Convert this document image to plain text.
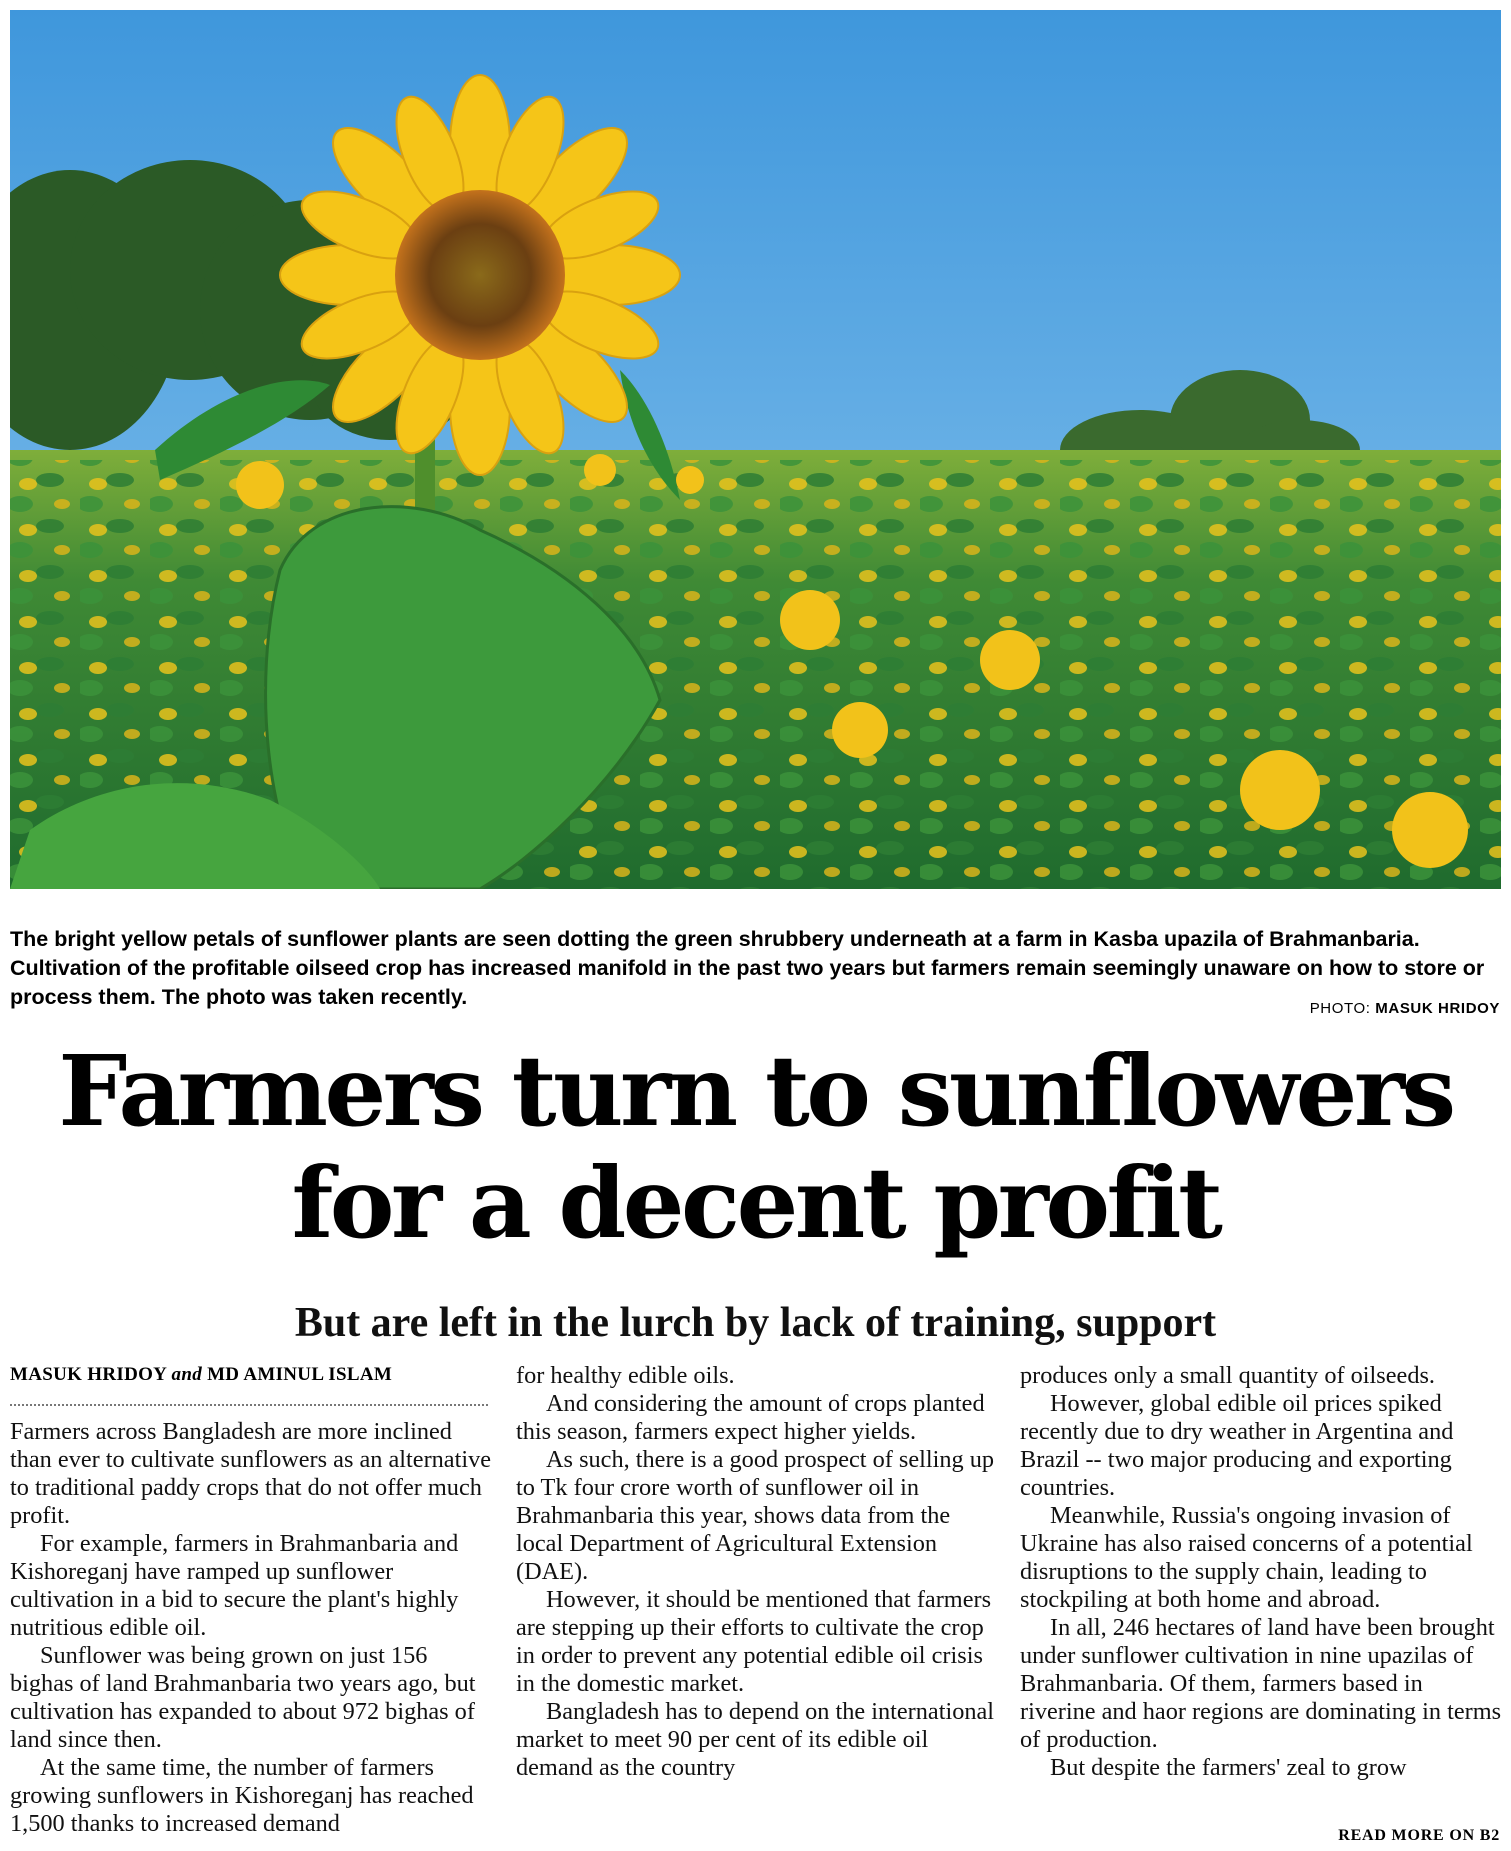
The bright yellow petals of sunflower plants are seen dotting the green shrubbery underneath at a farm in Kasba upazila of Brahmanbaria. Cultivation of the profitable oilseed crop has increased manifold in the past two years but farmers remain seemingly unaware on how to store or process them. The photo was taken recently.	PHOTO: MASUK HRIDOY
Farmers turn to sunflowers
for a decent profit
But are left in the lurch by lack of training, support
MASUK HRIDOY and MD AMINUL ISLAM

Farmers across Bangladesh are more inclined than ever to cultivate sunflowers as an alternative to traditional paddy crops that do not offer much profit.

For example, farmers in Brahmanbaria and Kishoreganj have ramped up sunflower cultivation in a bid to secure the plant's highly nutritious edible oil.

Sunflower was being grown on just 156 bighas of land Brahmanbaria two years ago, but cultivation has expanded to about 972 bighas of land since then.

At the same time, the number of farmers growing sunflowers in Kishoreganj has reached 1,500 thanks to increased demand

for healthy edible oils.

And considering the amount of crops planted this season, farmers expect higher yields.

As such, there is a good prospect of selling up to Tk four crore worth of sunflower oil in Brahmanbaria this year, shows data from the local Department of Agricultural Extension (DAE).

However, it should be mentioned that farmers are stepping up their efforts to cultivate the crop in order to prevent any potential edible oil crisis in the domestic market.

Bangladesh has to depend on the international market to meet 90 per cent of its edible oil demand as the country

produces only a small quantity of oilseeds.

However, global edible oil prices spiked recently due to dry weather in Argentina and Brazil -- two major producing and exporting countries.

Meanwhile, Russia's ongoing invasion of Ukraine has also raised concerns of a potential disruptions to the supply chain, leading to stockpiling at both home and abroad.

In all, 246 hectares of land have been brought under sunflower cultivation in nine upazilas of Brahmanbaria. Of them, farmers based in riverine and haor regions are dominating in terms of production.

But despite the farmers' zeal to grow

READ MORE ON B2
